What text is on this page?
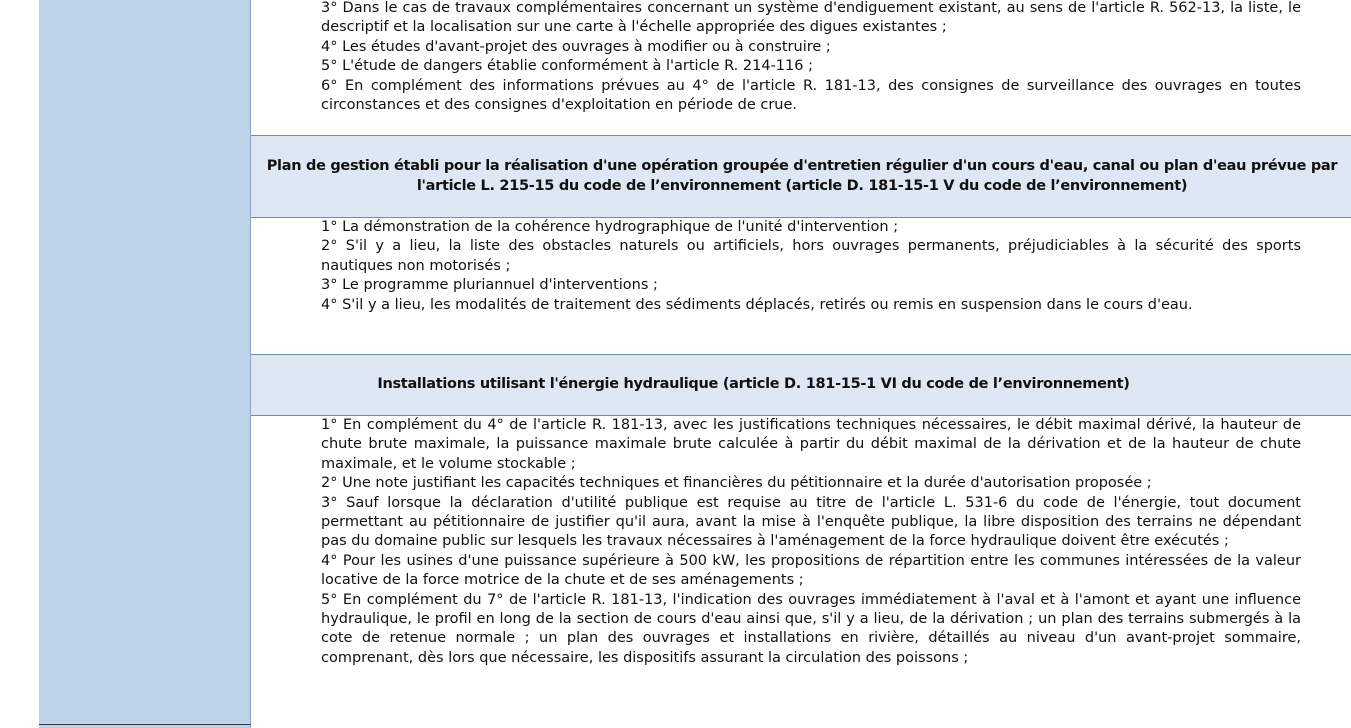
3° Dans le cas de travaux complémentaires concernant un système d'endiguement existant, au sens de l'article R. 562-13, la liste, le descriptif et la localisation sur une carte à l'échelle appropriée des digues existantes ;
4° Les études d'avant-projet des ouvrages à modifier ou à construire ;
5° L'étude de dangers établie conformément à l'article R. 214-116 ;
6° En complément des informations prévues au 4° de l'article R. 181-13, des consignes de surveillance des ouvrages en toutes circonstances et des consignes d'exploitation en période de crue.

Plan de gestion établi pour la réalisation d'une opération groupée d'entretien régulier d'un cours d'eau, canal ou plan d'eau prévue par l'article L. 215-15 du code de l’environnement (article D. 181-15-1 V du code de l’environnement)

1° La démonstration de la cohérence hydrographique de l'unité d'intervention ;
2° S'il y a lieu, la liste des obstacles naturels ou artificiels, hors ouvrages permanents, préjudiciables à la sécurité des sports nautiques non motorisés ;
3° Le programme pluriannuel d'interventions ;
4° S'il y a lieu, les modalités de traitement des sédiments déplacés, retirés ou remis en suspension dans le cours d'eau.

Installations utilisant l'énergie hydraulique (article D. 181-15-1 VI du code de l’environnement)

1° En complément du 4° de l'article R. 181-13, avec les justifications techniques nécessaires, le débit maximal dérivé, la hauteur de chute brute maximale, la puissance maximale brute calculée à partir du débit maximal de la dérivation et de la hauteur de chute maximale, et le volume stockable ;
2° Une note justifiant les capacités techniques et financières du pétitionnaire et la durée d'autorisation proposée ;
3° Sauf lorsque la déclaration d'utilité publique est requise au titre de l'article L. 531-6 du code de l'énergie, tout document permettant au pétitionnaire de justifier qu'il aura, avant la mise à l'enquête publique, la libre disposition des terrains ne dépendant pas du domaine public sur lesquels les travaux nécessaires à l'aménagement de la force hydraulique doivent être exécutés ;
4° Pour les usines d'une puissance supérieure à 500 kW, les propositions de répartition entre les communes intéressées de la valeur locative de la force motrice de la chute et de ses aménagements ;
5° En complément du 7° de l'article R. 181-13, l'indication des ouvrages immédiatement à l'aval et à l'amont et ayant une influence hydraulique, le profil en long de la section de cours d'eau ainsi que, s'il y a lieu, de la dérivation ; un plan des terrains submergés à la cote de retenue normale ; un plan des ouvrages et installations en rivière, détaillés au niveau d'un avant-projet sommaire, comprenant, dès lors que nécessaire, les dispositifs assurant la circulation des poissons ;
